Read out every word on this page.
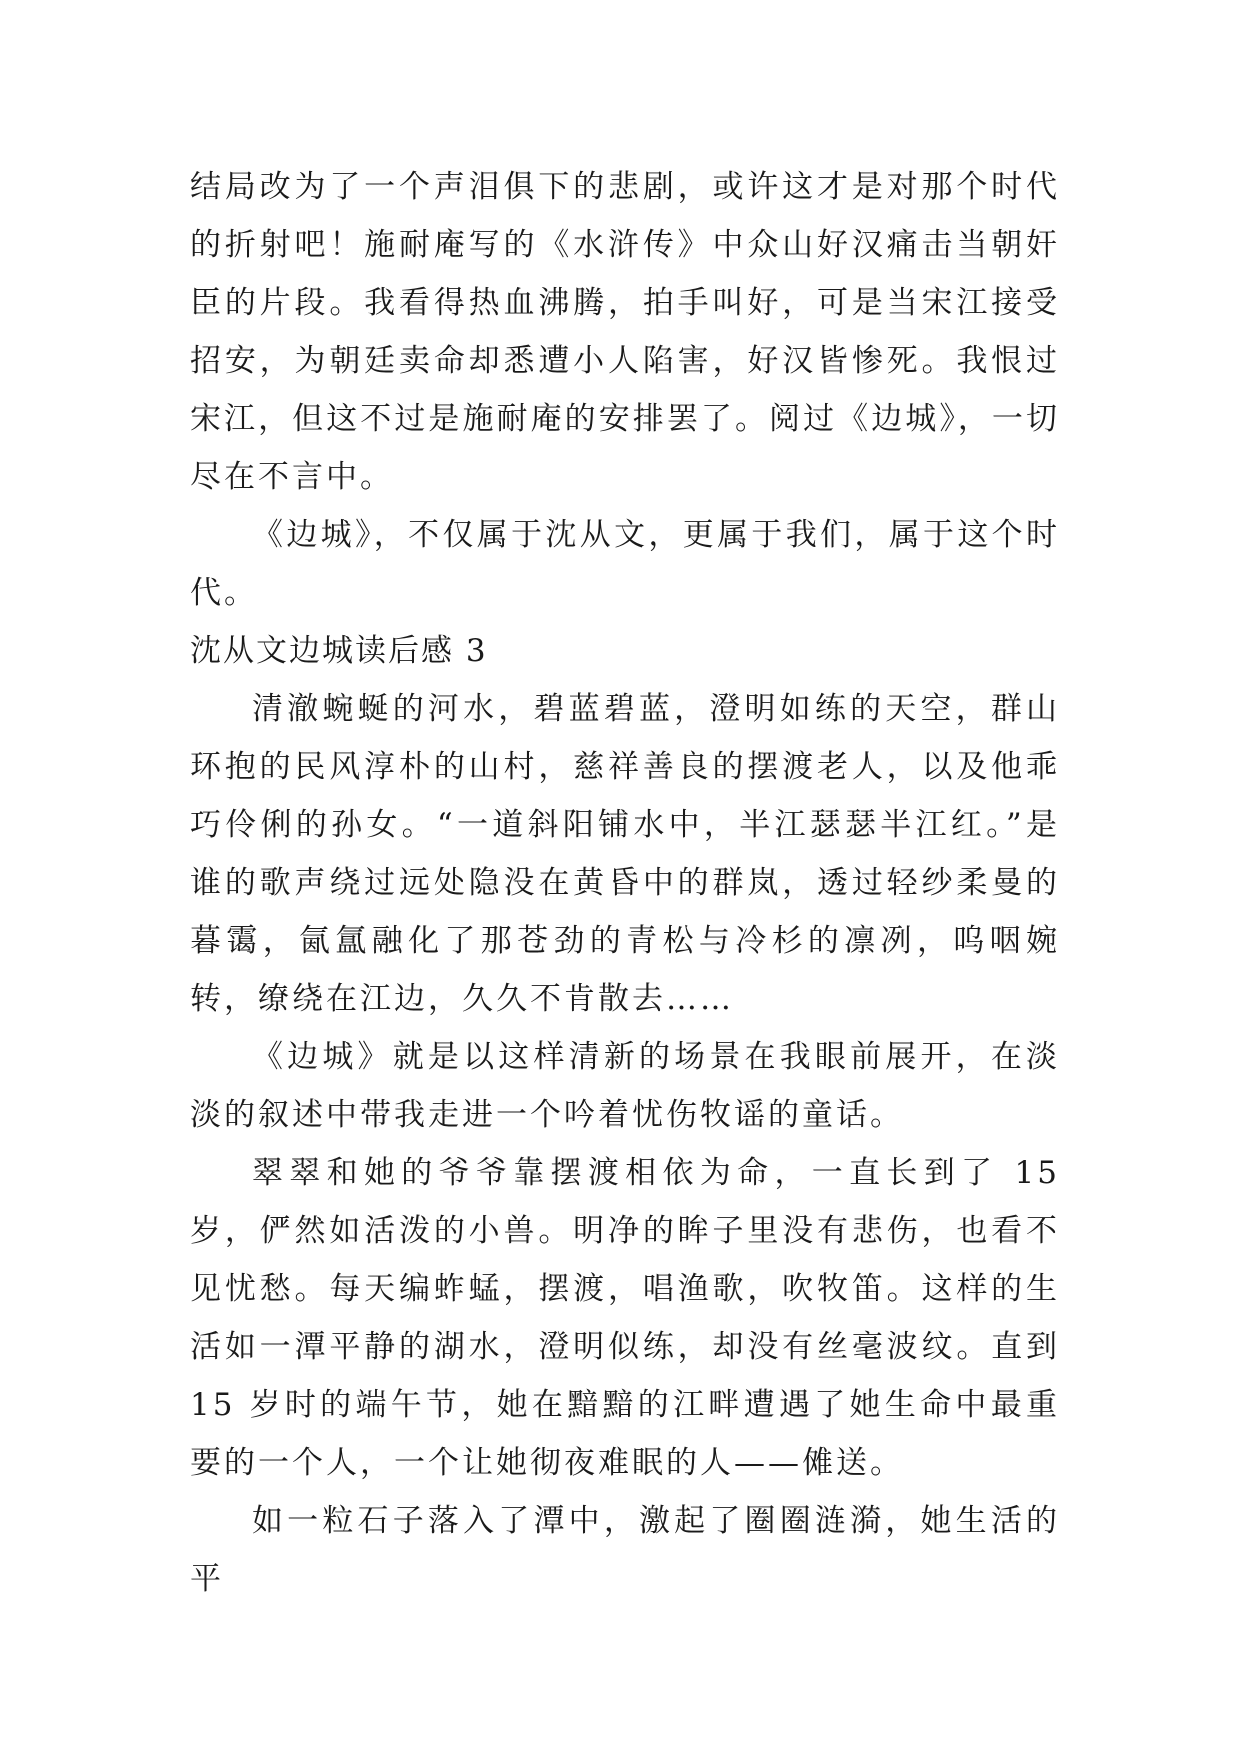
结局改为了一个声泪俱下的悲剧，或许这才是对那个时代的折射吧！施耐庵写的《水浒传》中众山好汉痛击当朝奸臣的片段。我看得热血沸腾，拍手叫好，可是当宋江接受招安，为朝廷卖命却悉遭小人陷害，好汉皆惨死。我恨过宋江，但这不过是施耐庵的安排罢了。阅过《边城》，一切尽在不言中。

《边城》，不仅属于沈从文，更属于我们，属于这个时代。

沈从文边城读后感 3

清澈蜿蜒的河水，碧蓝碧蓝，澄明如练的天空，群山环抱的民风淳朴的山村，慈祥善良的摆渡老人，以及他乖巧伶俐的孙女。“一道斜阳铺水中，半江瑟瑟半江红。”是谁的歌声绕过远处隐没在黄昏中的群岚，透过轻纱柔曼的暮霭，氤氲融化了那苍劲的青松与冷杉的凛冽，呜咽婉转，缭绕在江边，久久不肯散去……

《边城》就是以这样清新的场景在我眼前展开，在淡淡的叙述中带我走进一个吟着忧伤牧谣的童话。

翠翠和她的爷爷靠摆渡相依为命，一直长到了 15 岁，俨然如活泼的小兽。明净的眸子里没有悲伤，也看不见忧愁。每天编蚱蜢，摆渡，唱渔歌，吹牧笛。这样的生活如一潭平静的湖水，澄明似练，却没有丝毫波纹。直到 15 岁时的端午节，她在黯黯的江畔遭遇了她生命中最重要的一个人，一个让她彻夜难眠的人——傩送。

如一粒石子落入了潭中，激起了圈圈涟漪，她生活的平
